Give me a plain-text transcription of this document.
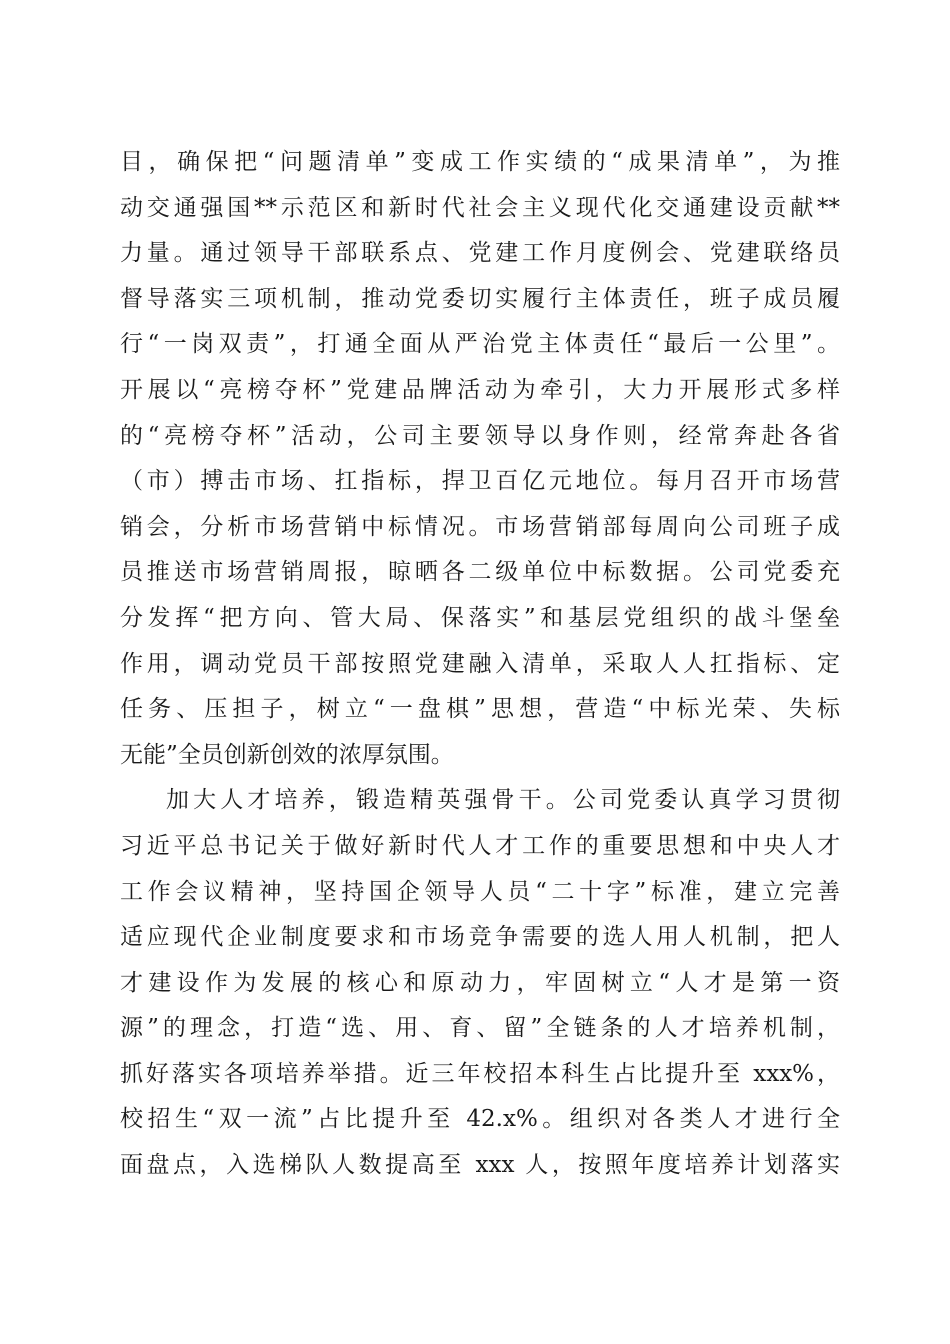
目，确保把“问题清单”变成工作实绩的“成果清单”，为推
动交通强国**示范区和新时代社会主义现代化交通建设贡献**
力量。通过领导干部联系点、党建工作月度例会、党建联络员
督导落实三项机制，推动党委切实履行主体责任，班子成员履
行“一岗双责”，打通全面从严治党主体责任“最后一公里”。
开展以“亮榜夺杯”党建品牌活动为牵引，大力开展形式多样
的“亮榜夺杯”活动，公司主要领导以身作则，经常奔赴各省
（市）搏击市场、扛指标，捍卫百亿元地位。每月召开市场营
销会，分析市场营销中标情况。市场营销部每周向公司班子成
员推送市场营销周报，晾晒各二级单位中标数据。公司党委充
分发挥“把方向、管大局、保落实”和基层党组织的战斗堡垒
作用，调动党员干部按照党建融入清单，采取人人扛指标、定
任务、压担子，树立“一盘棋”思想，营造“中标光荣、失标
无能”全员创新创效的浓厚氛围。
加大人才培养，锻造精英强骨干。公司党委认真学习贯彻
习近平总书记关于做好新时代人才工作的重要思想和中央人才
工作会议精神，坚持国企领导人员“二十字”标准，建立完善
适应现代企业制度要求和市场竞争需要的选人用人机制，把人
才建设作为发展的核心和原动力，牢固树立“人才是第一资
源”的理念，打造“选、用、育、留”全链条的人才培养机制，
抓好落实各项培养举措。近三年校招本科生占比提升至 xxx%，
校招生“双一流”占比提升至 42.x%。组织对各类人才进行全
面盘点，入选梯队人数提高至 xxx 人，按照年度培养计划落实
